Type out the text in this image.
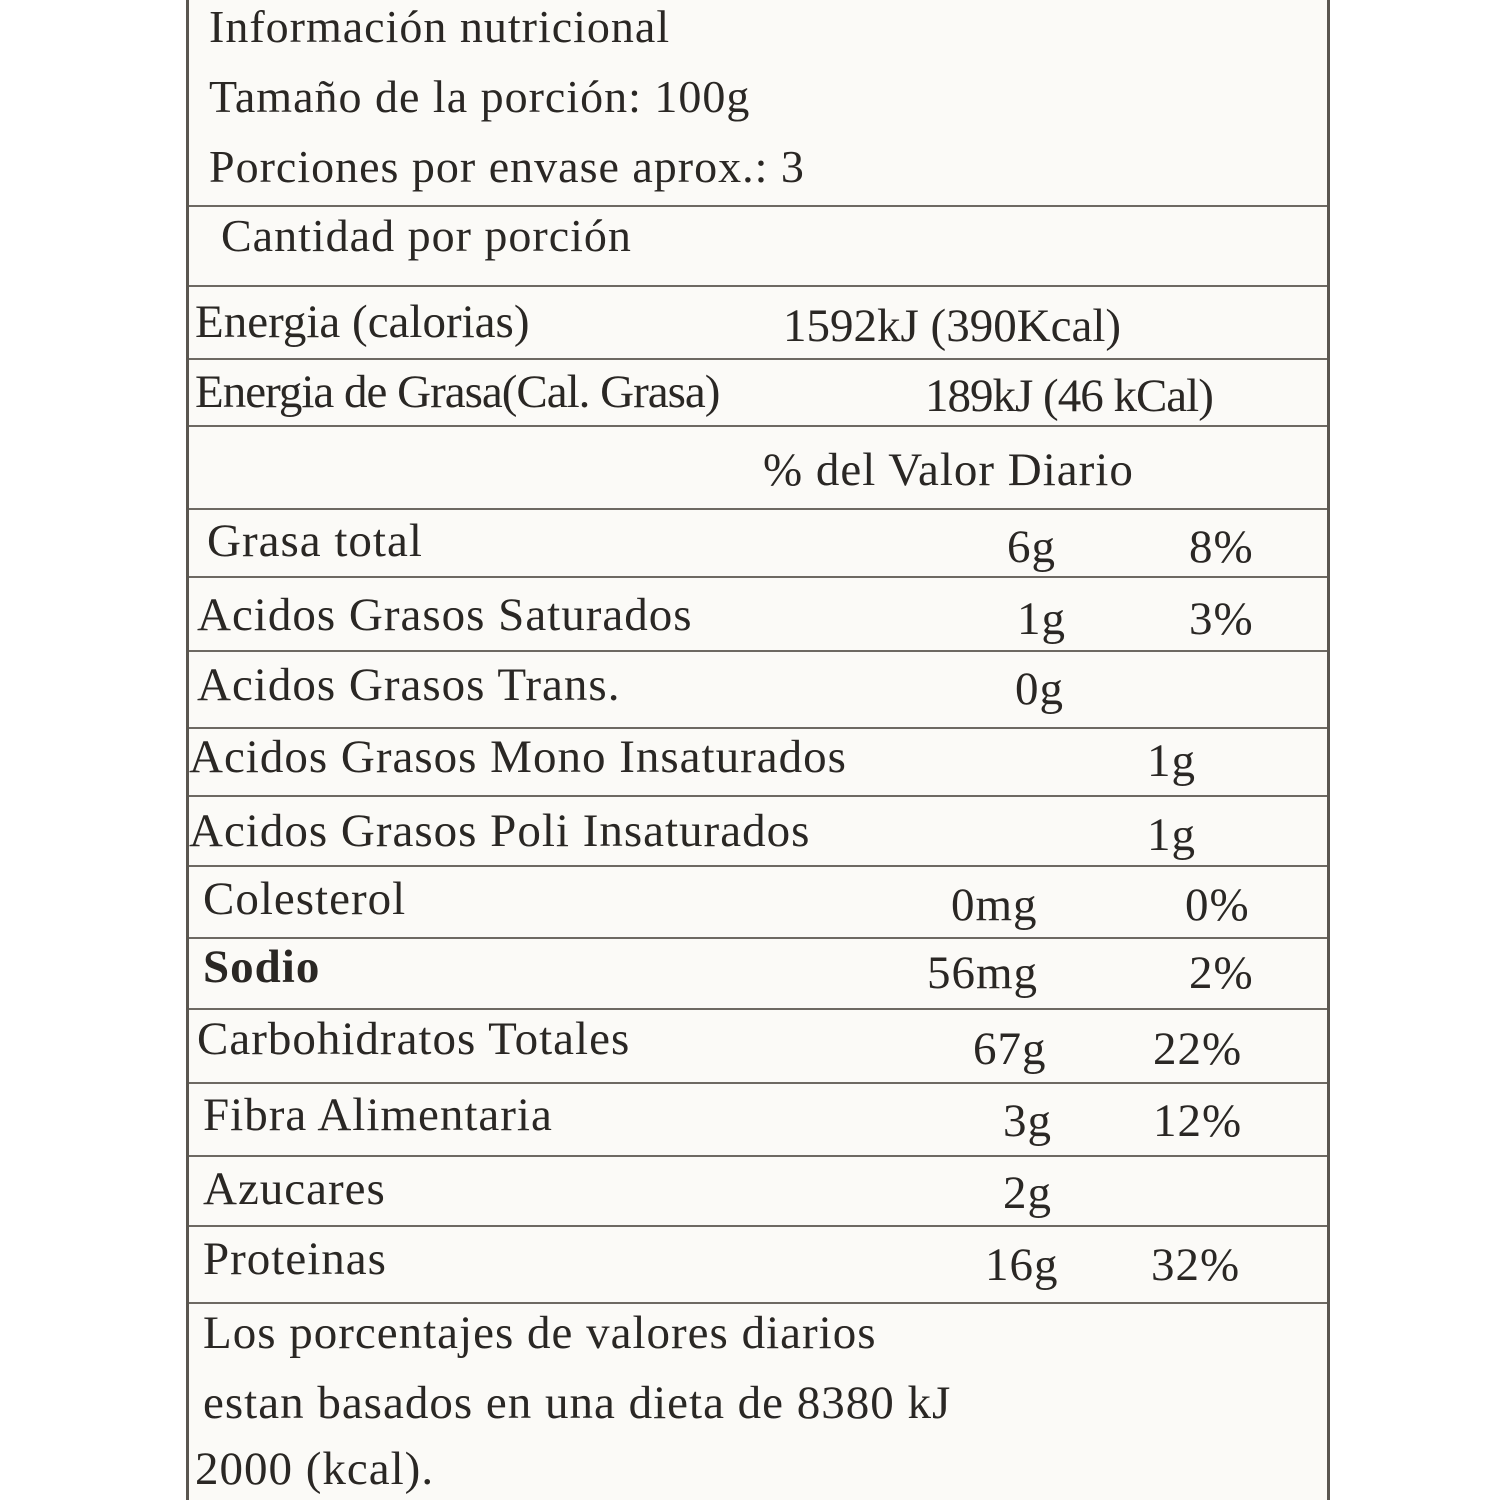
Información nutricional
Tamaño de la porción: 100g
Porciones por envase aprox.: 3
Cantidad por porción
Energia (calorias)	1592kJ (390Kcal)
Energia de Grasa(Cal. Grasa)	189kJ (46 kCal)
% del Valor Diario
Grasa total	6g	8%
Acidos Grasos Saturados	1g	3%
Acidos Grasos Trans.	0g
Acidos Grasos Mono Insaturados	1g
Acidos Grasos Poli Insaturados	1g
Colesterol	0mg	0%
Sodio	56mg	2%
Carbohidratos Totales	67g 22%
Fibra Alimentaria	3g 12%
Azucares	2g
Proteinas	16g 32%
Los porcentajes de valores diarios
estan basados en una dieta de 8380 kJ
2000 (kcal).
